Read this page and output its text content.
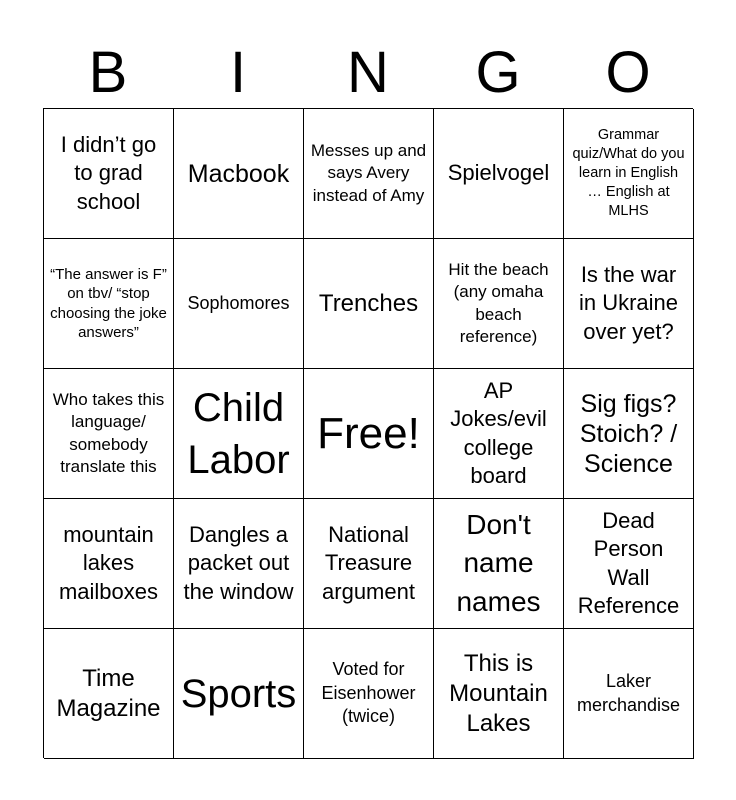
B	I	N	G	O
I didn’t go to grad school
Macbook
Messes up and says Avery instead of Amy
Spielvogel
Grammar quiz/What do you learn in English … English at MLHS
“The answer is F” on tbv/ “stop choosing the joke answers”
Sophomores	Trenches
Hit the beach (any omaha beach reference)
Is the war in Ukraine over yet?
Who takes this language/ somebody translate this
Child Labor
Free!
AP Jokes/evil college board
Sig figs? Stoich? / Science
mountain lakes mailboxes
Dangles a packet out the window
National Treasure argument
Don't name names
Dead Person Wall Reference
Time Magazine Sports
Voted for Eisenhower (twice)
This is Mountain Lakes
Laker merchandise
